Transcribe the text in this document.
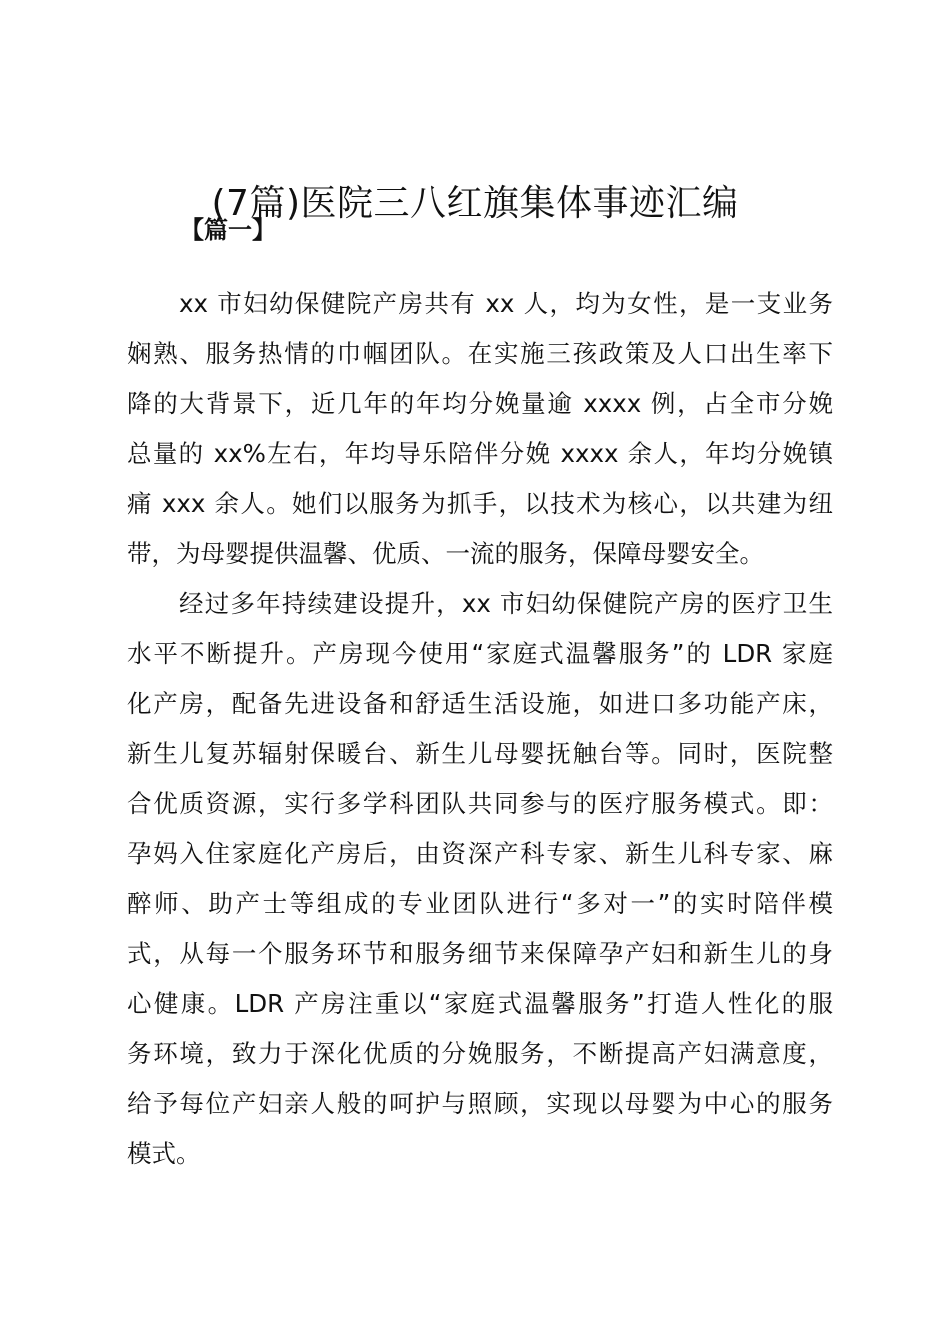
(7篇)医院三八红旗集体事迹汇编
【篇一】
xx 市妇幼保健院产房共有 xx 人，均为女性，是一支业务
娴熟、服务热情的巾帼团队。在实施三孩政策及人口出生率下
降的大背景下，近几年的年均分娩量逾 xxxx 例，占全市分娩
总量的 xx%左右，年均导乐陪伴分娩 xxxx 余人，年均分娩镇
痛 xxx 余人。她们以服务为抓手，以技术为核心，以共建为纽
带，为母婴提供温馨、优质、一流的服务，保障母婴安全。
经过多年持续建设提升，xx 市妇幼保健院产房的医疗卫生
水平不断提升。产房现今使用“家庭式温馨服务”的 LDR 家庭
化产房，配备先进设备和舒适生活设施，如进口多功能产床，
新生儿复苏辐射保暖台、新生儿母婴抚触台等。同时，医院整
合优质资源，实行多学科团队共同参与的医疗服务模式。即：
孕妈入住家庭化产房后，由资深产科专家、新生儿科专家、麻
醉师、助产士等组成的专业团队进行“多对一”的实时陪伴模
式，从每一个服务环节和服务细节来保障孕产妇和新生儿的身
心健康。LDR 产房注重以“家庭式温馨服务”打造人性化的服
务环境，致力于深化优质的分娩服务，不断提高产妇满意度，
给予每位产妇亲人般的呵护与照顾，实现以母婴为中心的服务
模式。
